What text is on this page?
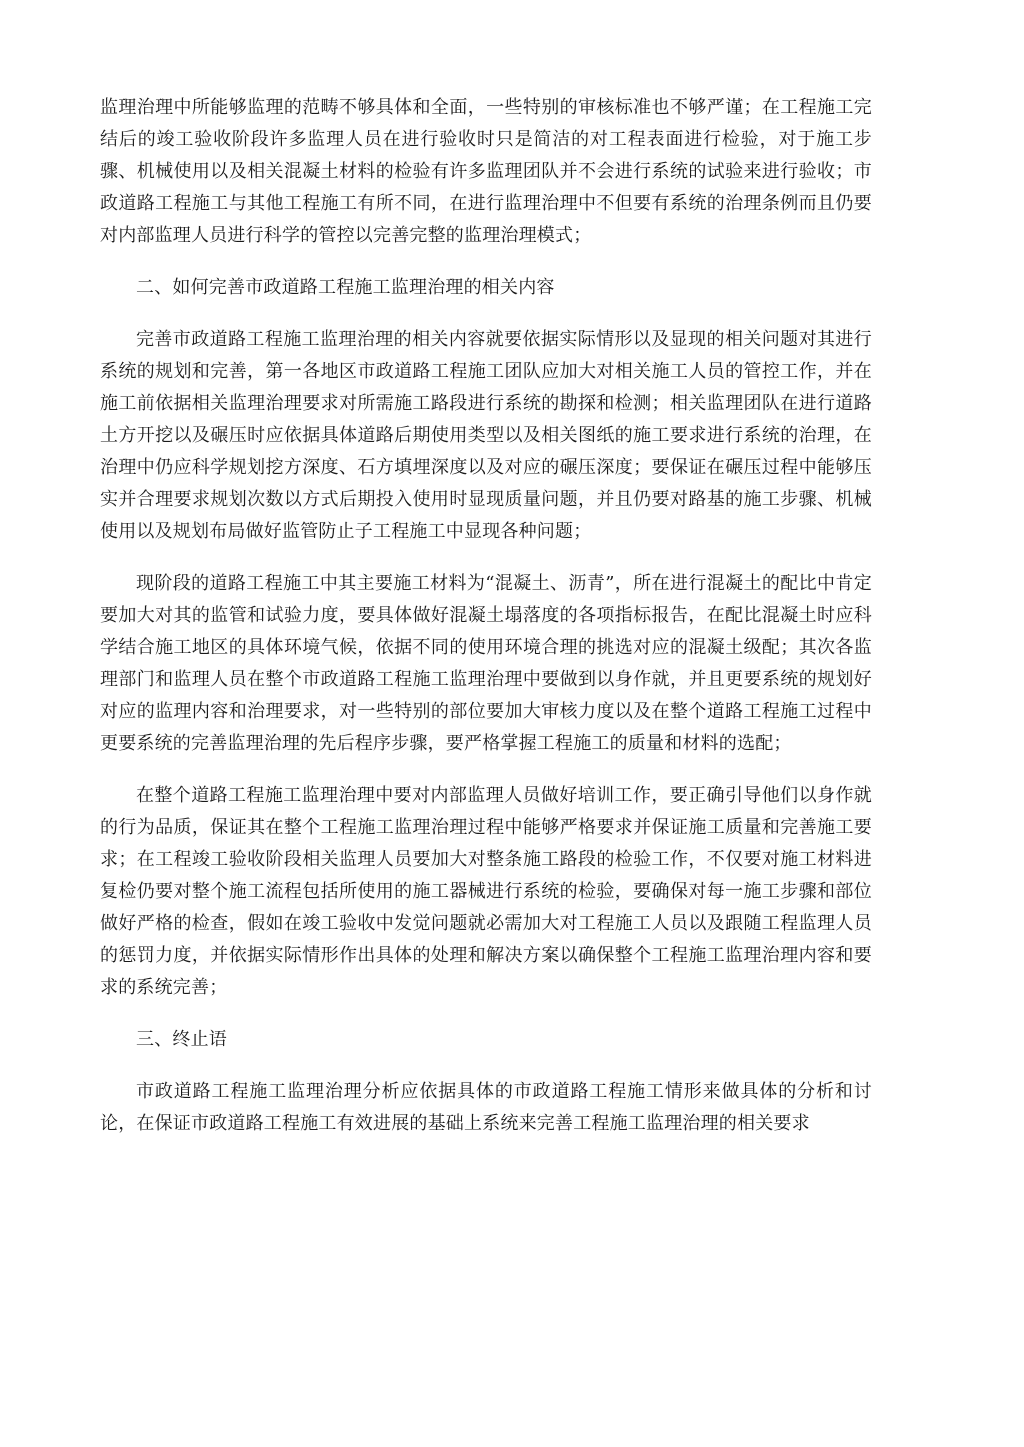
监理治理中所能够监理的范畴不够具体和全面，一些特别的审核标准也不够严谨；在工程施工完结后的竣工验收阶段许多监理人员在进行验收时只是简洁的对工程表面进行检验，对于施工步骤、机械使用以及相关混凝土材料的检验有许多监理团队并不会进行系统的试验来进行验收；市政道路工程施工与其他工程施工有所不同，在进行监理治理中不但要有系统的治理条例而且仍要对内部监理人员进行科学的管控以完善完整的监理治理模式；

二、如何完善市政道路工程施工监理治理的相关内容

完善市政道路工程施工监理治理的相关内容就要依据实际情形以及显现的相关问题对其进行系统的规划和完善，第一各地区市政道路工程施工团队应加大对相关施工人员的管控工作，并在施工前依据相关监理治理要求对所需施工路段进行系统的勘探和检测；相关监理团队在进行道路土方开挖以及碾压时应依据具体道路后期使用类型以及相关图纸的施工要求进行系统的治理，在治理中仍应科学规划挖方深度、石方填埋深度以及对应的碾压深度；要保证在碾压过程中能够压实并合理要求规划次数以方式后期投入使用时显现质量问题，并且仍要对路基的施工步骤、机械使用以及规划布局做好监管防止子工程施工中显现各种问题；

现阶段的道路工程施工中其主要施工材料为“混凝土、沥青”，所在进行混凝土的配比中肯定要加大对其的监管和试验力度，要具体做好混凝土塌落度的各项指标报告，在配比混凝土时应科学结合施工地区的具体环境气候，依据不同的使用环境合理的挑选对应的混凝土级配；其次各监理部门和监理人员在整个市政道路工程施工监理治理中要做到以身作就，并且更要系统的规划好对应的监理内容和治理要求，对一些特别的部位要加大审核力度以及在整个道路工程施工过程中更要系统的完善监理治理的先后程序步骤，要严格掌握工程施工的质量和材料的选配；

在整个道路工程施工监理治理中要对内部监理人员做好培训工作，要正确引导他们以身作就的行为品质，保证其在整个工程施工监理治理过程中能够严格要求并保证施工质量和完善施工要求；在工程竣工验收阶段相关监理人员要加大对整条施工路段的检验工作，不仅要对施工材料进复检仍要对整个施工流程包括所使用的施工器械进行系统的检验，要确保对每一施工步骤和部位做好严格的检查，假如在竣工验收中发觉问题就必需加大对工程施工人员以及跟随工程监理人员的惩罚力度，并依据实际情形作出具体的处理和解决方案以确保整个工程施工监理治理内容和要求的系统完善；

三、终止语

市政道路工程施工监理治理分析应依据具体的市政道路工程施工情形来做具体的分析和讨论，在保证市政道路工程施工有效进展的基础上系统来完善工程施工监理治理的相关要求
